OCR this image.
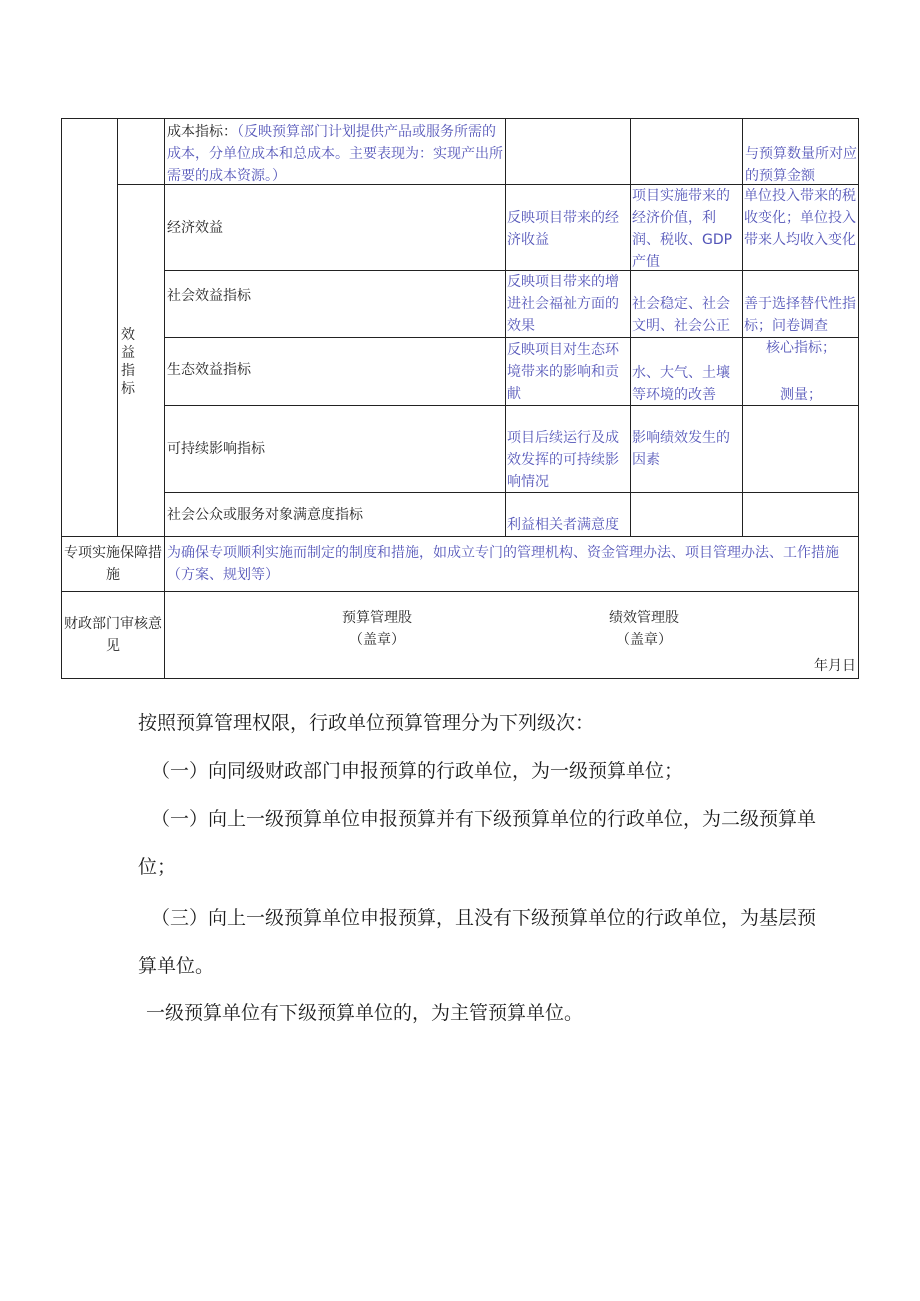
成本指标：（反映预算部门计划提供产品或服务所需的成本，分单位成本和总成本。主要表现为：实现产出所需要的成本资源。）
与预算数量所对应的预算金额
效益指标
经济效益
反映项目带来的经济收益
项目实施带来的经济价值，利润、税收、GDP产值
单位投入带来的税收变化；单位投入带来人均收入变化
社会效益指标
反映项目带来的增进社会福祉方面的效果
社会稳定、社会文明、社会公正
善于选择替代性指标；问卷调查
生态效益指标
反映项目对生态环境带来的影响和贡献
水、大气、土壤等环境的改善
核心指标；
测量；
可持续影响指标
项目后续运行及成效发挥的可持续影响情况
影响绩效发生的因素
社会公众或服务对象满意度指标
利益相关者满意度
专项实施保障措施
为确保专项顺利实施而制定的制度和措施，如成立专门的管理机构、资金管理办法、项目管理办法、工作措施（方案、规划等）
财政部门审核意见
预算管理股
（盖章）
绩效管理股
（盖章）
年月日
按照预算管理权限，行政单位预算管理分为下列级次：
（一）向同级财政部门申报预算的行政单位，为一级预算单位；
（一）向上一级预算单位申报预算并有下级预算单位的行政单位，为二级预算单
位；
（三）向上一级预算单位申报预算，且没有下级预算单位的行政单位，为基层预
算单位。
一级预算单位有下级预算单位的，为主管预算单位。
